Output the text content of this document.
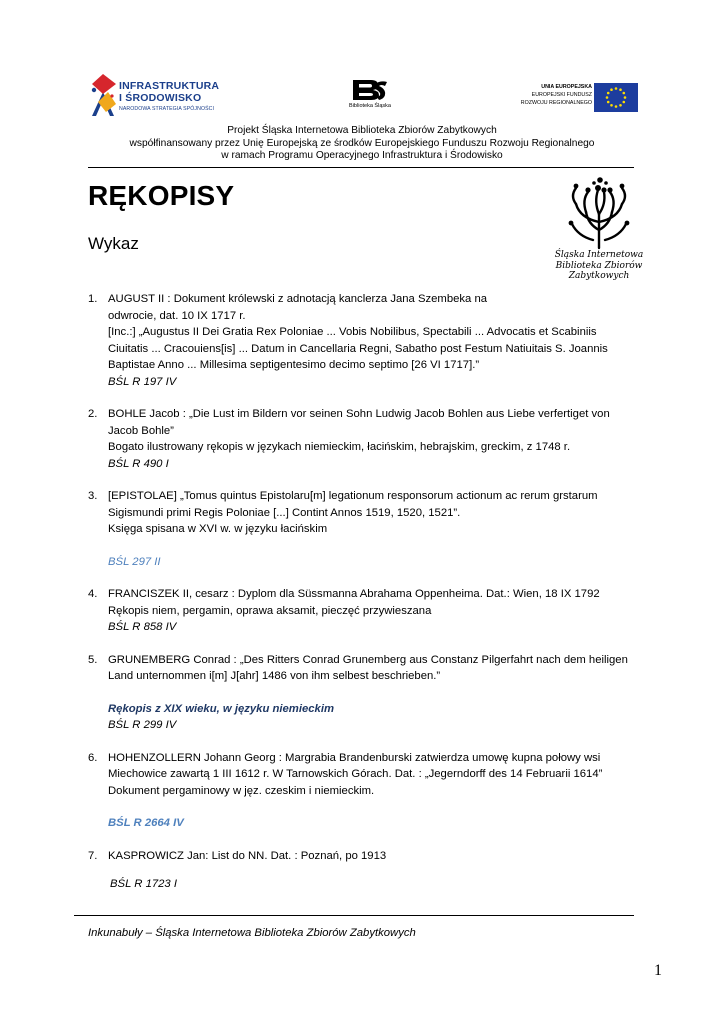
INFRASTRUKTURA
I ŚRODOWISKO
NARODOWA STRATEGIA SPÓJNOŚCI	Biblioteka Śląska
UNIA EUROPEJSKA
EUROPEJSKI FUNDUSZ
ROZWOJU REGIONALNEGO
Projekt Śląska Internetowa Biblioteka Zbiorów Zabytkowych
współfinansowany przez Unię Europejską ze środków Europejskiego Funduszu Rozwoju Regionalnego
w ramach Programu Operacyjnego Infrastruktura i Środowisko
RĘKOPISY
Wykaz
Śląska Internetowa
Biblioteka Zbiorów
Zabytkowych
1. AUGUST II : Dokument królewski z adnotacją kanclerza Jana Szembeka na

odwrocie, dat. 10 IX 1717 r.

[Inc.:] „Augustus II Dei Gratia Rex Poloniae ... Vobis Nobilibus, Spectabili ... Advocatis et Scabiniis

Ciuitatis ... Cracouiens[is] ... Datum in Cancellaria Regni, Sabatho post Festum Natiuitais S. Joannis

Baptistae Anno ... Millesima septigentesimo decimo septimo [26 VI 1717].”

BŚL R 197 IV

2. BOHLE Jacob : „Die Lust im Bildern vor seinen Sohn Ludwig Jacob Bohlen aus Liebe verfertiget von

Jacob Bohle”

Bogato ilustrowany rękopis w językach niemieckim, łacińskim, hebrajskim, greckim, z 1748 r.

BŚL R 490 I

3. [EPISTOLAE] „Tomus quintus Epistolaru[m] legationum responsorum actionum ac rerum grstarum

Sigismundi primi Regis Poloniae [...] Contint Annos 1519, 1520, 1521”.

Księga spisana w XVI w. w języku łacińskim

BŚL 297 II

4. FRANCISZEK II, cesarz : Dyplom dla Süssmanna Abrahama Oppenheima. Dat.: Wien, 18 IX 1792

Rękopis niem, pergamin, oprawa aksamit, pieczęć przywieszana

BŚL R 858 IV

5. GRUNEMBERG Conrad : „Des Ritters Conrad Grunemberg aus Constanz Pilgerfahrt nach dem heiligen

Land unternommen i[m] J[ahr] 1486 von ihm selbest beschrieben.”

Rękopis z XIX wieku, w języku niemieckim

BŚL R 299 IV

6. HOHENZOLLERN Johann Georg : Margrabia Brandenburski zatwierdza umowę kupna połowy wsi

Miechowice zawartą 1 III 1612 r. W Tarnowskich Górach. Dat. : „Jegerndorff des 14 Februarii 1614”

Dokument pergaminowy w jęz. czeskim i niemieckim.

BŚL R 2664 IV

7. KASPROWICZ Jan: List do NN. Dat. : Poznań, po 1913

BŚL R 1723 I

Inkunabuły – Śląska Internetowa Biblioteka Zbiorów Zabytkowych
1
